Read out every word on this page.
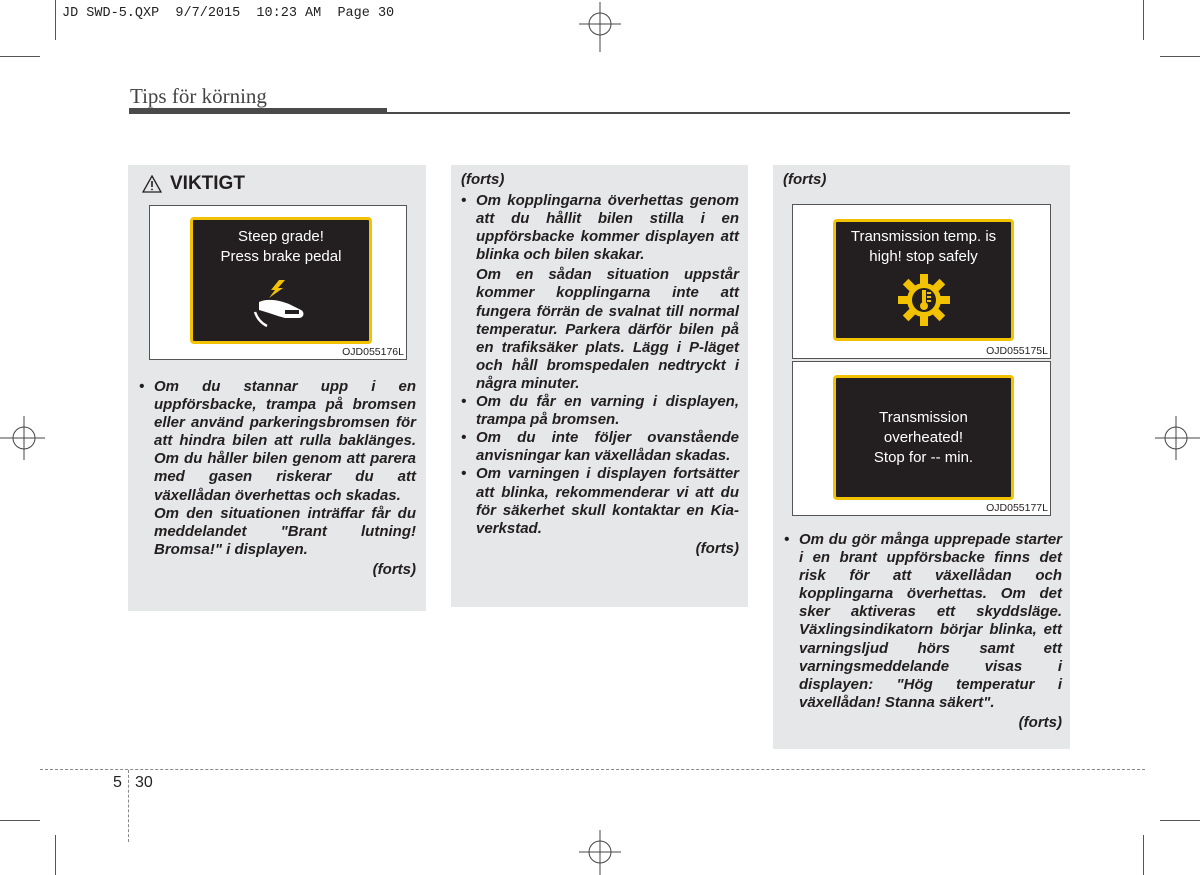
JD SWD-5.QXP  9/7/2015  10:23 AM  Page 30
Tips för körning
VIKTIGT
Steep grade!
Press brake pedal
OJD055176L

• Om du stannar upp i en uppförsbacke, trampa på bromsen eller använd parkeringsbromsen för att hindra bilen att rulla baklänges. Om du håller bilen genom att parera med gasen riskerar du att växellådan överhettas och skadas.

Om den situationen inträffar får du meddelandet "Brant lutning! Bromsa!" i displayen.

(forts)
(forts)

• Om kopplingarna överhettas genom att du hållit bilen stilla i en uppförsbacke kommer displayen att blinka och bilen skakar.

Om en sådan situation uppstår kommer kopplingarna inte att fungera förrän de svalnat till normal temperatur. Parkera därför bilen på en trafiksäker plats. Lägg i P-läget och håll bromspedalen nedtryckt i några minuter.

• Om du får en varning i displayen, trampa på bromsen.

• Om du inte följer ovanstående anvisningar kan växellådan skadas.

• Om varningen i displayen fortsätter att blinka, rekommenderar vi att du för säkerhet skull kontaktar en Kia-verkstad.

(forts)
(forts)
Transmission temp. is
high! stop safely
OJD055175L
Transmission
overheated!
Stop for -- min.
OJD055177L

• Om du gör många upprepade starter i en brant uppförsbacke finns det risk för att växellådan och kopplingarna överhettas. Om det sker aktiveras ett skyddsläge. Växlingsindikatorn börjar blinka, ett varningsljud hörs samt ett varningsmeddelande visas i displayen: "Hög temperatur i växellådan! Stanna säkert".

(forts)
5 30
